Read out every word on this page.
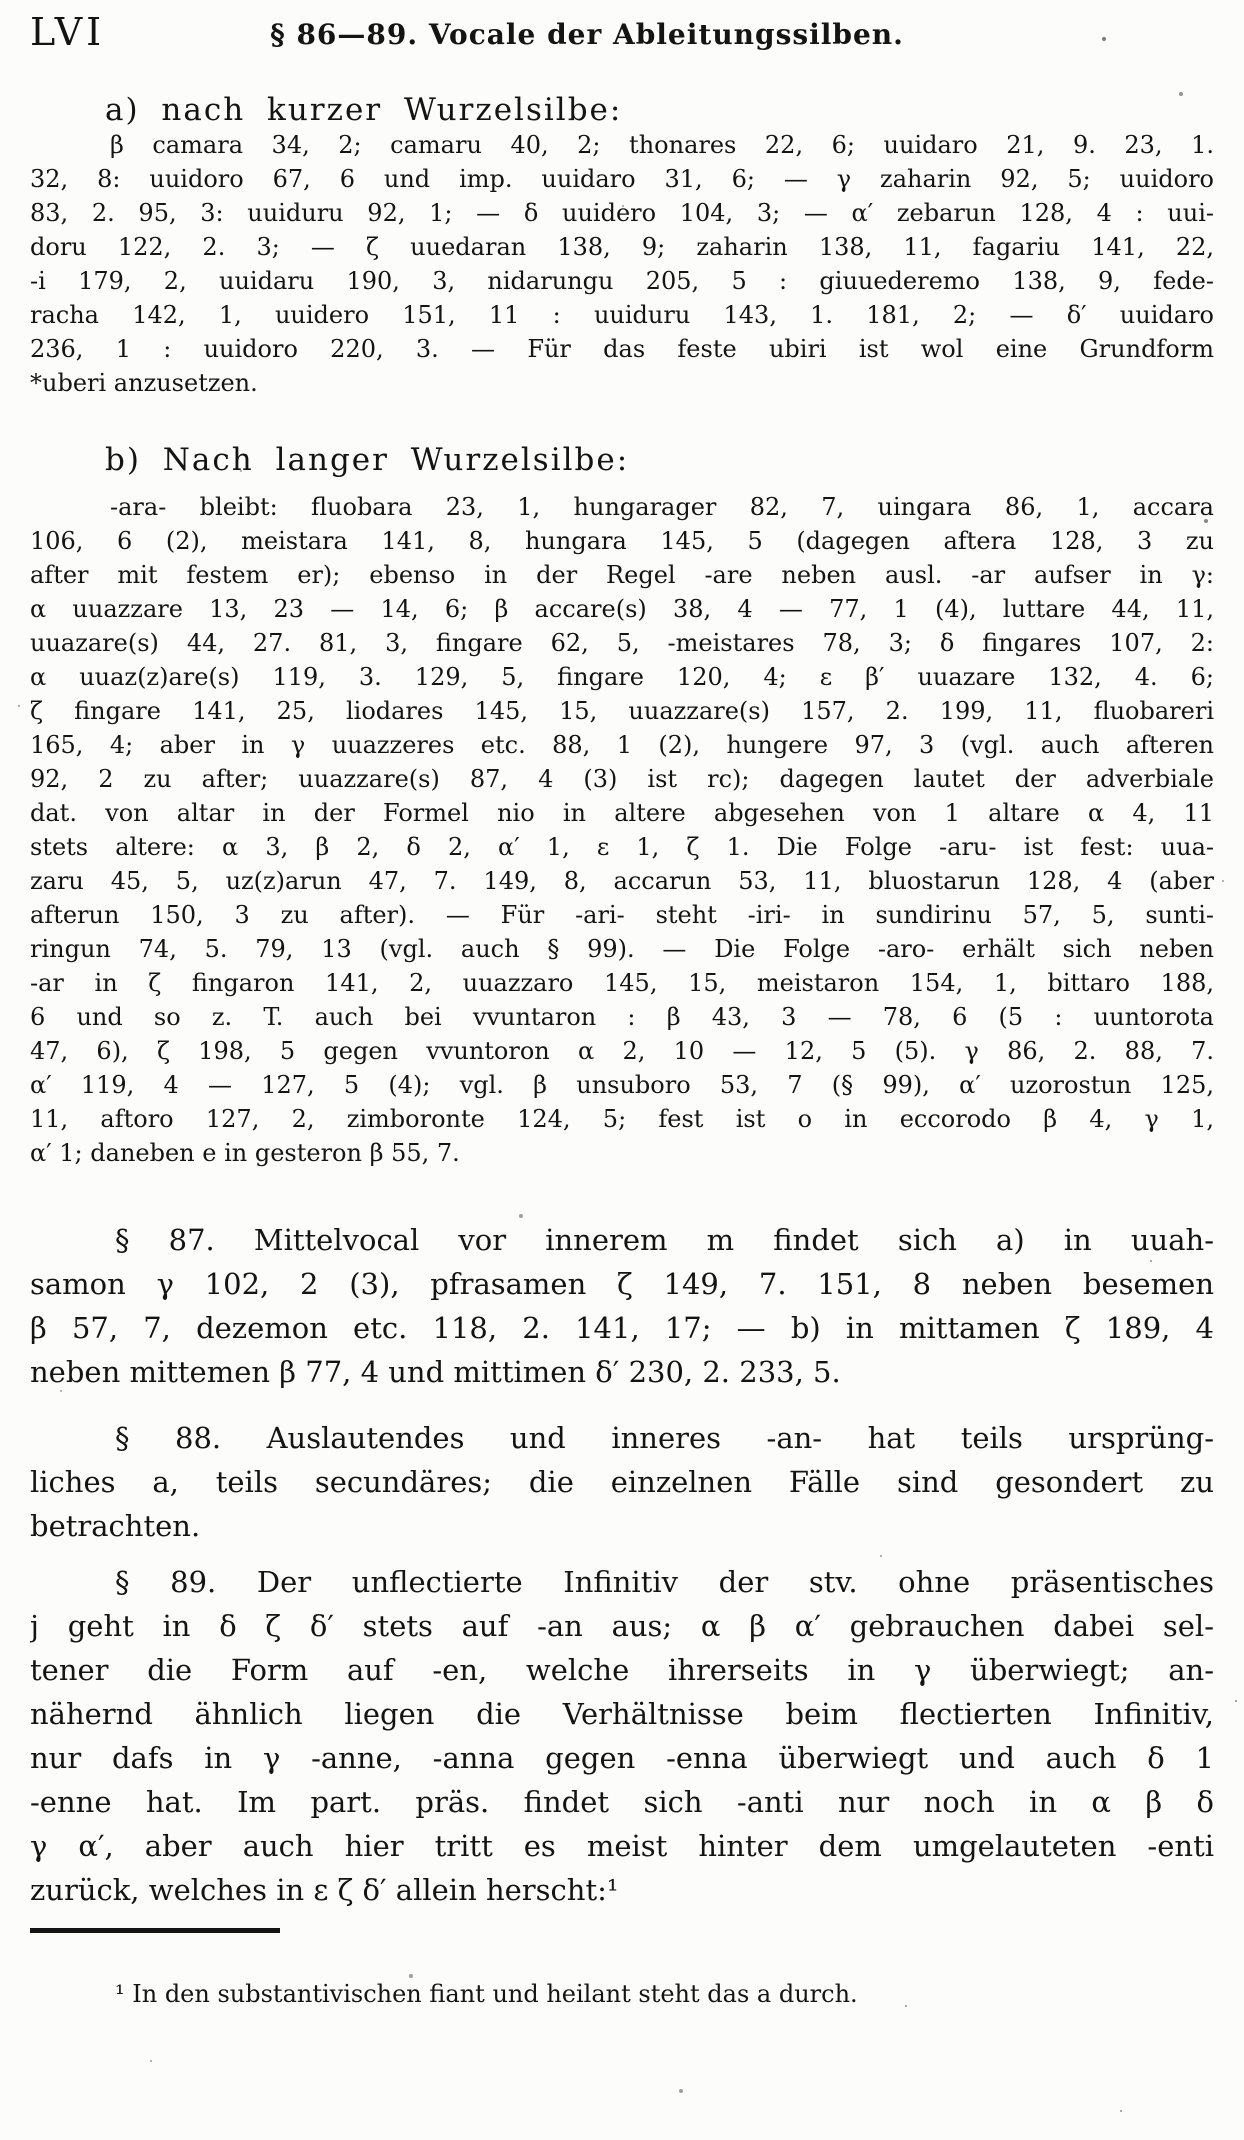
LVI	§ 86—89. Vocale der Ableitungssilben.
a) nach kurzer Wurzelsilbe:
β camara 34, 2; camaru 40, 2; thonares 22, 6; uuidaro 21, 9. 23, 1.
32, 8: uuidoro 67, 6 und imp. uuidaro 31, 6; — γ zaharin 92, 5; uuidoro
83, 2. 95, 3: uuiduru 92, 1; — δ uuidero 104, 3; — α′ zebarun 128, 4 : uui-
doru 122, 2. 3; — ζ uuedaran 138, 9; zaharin 138, 11, fagariu 141, 22,
-i 179, 2, uuidaru 190, 3, nidarungu 205, 5 : giuuederemo 138, 9, fede-
racha 142, 1, uuidero 151, 11 : uuiduru 143, 1. 181, 2; — δ′ uuidaro
236, 1 : uuidoro 220, 3. — Für das feste ubiri ist wol eine Grundform
*uberi anzusetzen.
b) Nach langer Wurzelsilbe:
-ara- bleibt: fluobara 23, 1, hungarager 82, 7, uingara 86, 1, accara
106, 6 (2), meistara 141, 8, hungara 145, 5 (dagegen aftera 128, 3 zu
after mit festem er); ebenso in der Regel -are neben ausl. -ar aufser in γ:
α uuazzare 13, 23 — 14, 6; β accare(s) 38, 4 — 77, 1 (4), luttare 44, 11,
uuazare(s) 44, 27. 81, 3, fingare 62, 5, -meistares 78, 3; δ fingares 107, 2:
α uuaz(z)are(s) 119, 3. 129, 5, fingare 120, 4; ε β′ uuazare 132, 4. 6;
ζ fingare 141, 25, liodares 145, 15, uuazzare(s) 157, 2. 199, 11, fluobareri
165, 4; aber in γ uuazzeres etc. 88, 1 (2), hungere 97, 3 (vgl. auch afteren
92, 2 zu after; uuazzare(s) 87, 4 (3) ist rc); dagegen lautet der adverbiale
dat. von altar in der Formel nio in altere abgesehen von 1 altare α 4, 11
stets altere: α 3, β 2, δ 2, α′ 1, ε 1, ζ 1. Die Folge -aru- ist fest: uua-
zaru 45, 5, uz(z)arun 47, 7. 149, 8, accarun 53, 11, bluostarun 128, 4 (aber
afterun 150, 3 zu after). — Für -ari- steht -iri- in sundirinu 57, 5, sunti-
ringun 74, 5. 79, 13 (vgl. auch § 99). — Die Folge -aro- erhält sich neben
-ar in ζ fingaron 141, 2, uuazzaro 145, 15, meistaron 154, 1, bittaro 188,
6 und so z. T. auch bei vvuntaron : β 43, 3 — 78, 6 (5 : uuntorota
47, 6), ζ 198, 5 gegen vvuntoron α 2, 10 — 12, 5 (5). γ 86, 2. 88, 7.
α′ 119, 4 — 127, 5 (4); vgl. β unsuboro 53, 7 (§ 99), α′ uzorostun 125,
11, aftoro 127, 2, zimboronte 124, 5; fest ist o in eccorodo β 4, γ 1,
α′ 1; daneben e in gesteron β 55, 7.
§ 87. Mittelvocal vor innerem m findet sich a) in uuah-
samon γ 102, 2 (3), pfrasamen ζ 149, 7. 151, 8 neben besemen
β 57, 7, dezemon etc. 118, 2. 141, 17; — b) in mittamen ζ 189, 4
neben mittemen β 77, 4 und mittimen δ′ 230, 2. 233, 5.
§ 88. Auslautendes und inneres -an- hat teils ursprüng-
liches a, teils secundäres; die einzelnen Fälle sind gesondert zu
betrachten.
§ 89. Der unflectierte Infinitiv der stv. ohne präsentisches
j geht in δ ζ δ′ stets auf -an aus; α β α′ gebrauchen dabei sel-
tener die Form auf -en, welche ihrerseits in γ überwiegt; an-
nähernd ähnlich liegen die Verhältnisse beim flectierten Infinitiv,
nur dafs in γ -anne, -anna gegen -enna überwiegt und auch δ 1
-enne hat. Im part. präs. findet sich -anti nur noch in α β δ
γ α′, aber auch hier tritt es meist hinter dem umgelauteten -enti
zurück, welches in ε ζ δ′ allein herscht:¹
¹ In den substantivischen fiant und heilant steht das a durch.
